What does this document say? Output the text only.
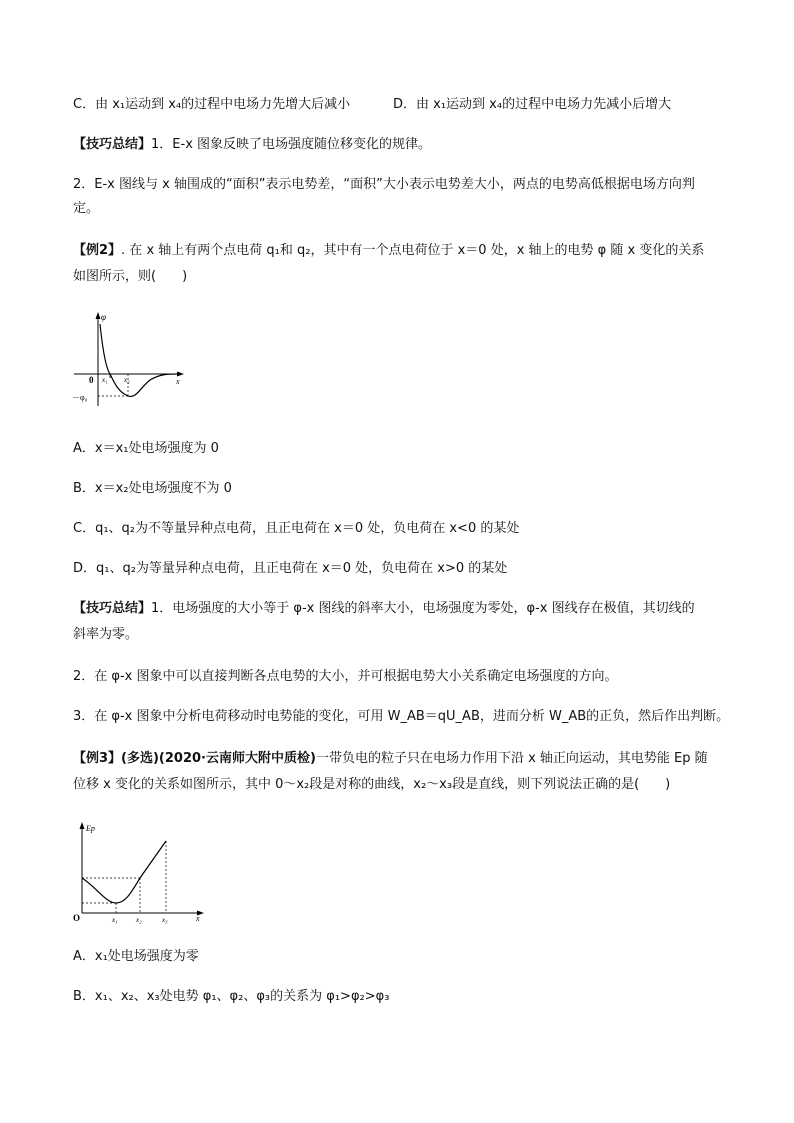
C．由 x₁运动到 x₄的过程中电场力先增大后减小	D．由 x₁运动到 x₄的过程中电场力先减小后增大
【技巧总结】1．E-x 图象反映了电场强度随位移变化的规律。
2．E-x 图线与 x 轴围成的“面积”表示电势差，“面积”大小表示电势差大小，两点的电势高低根据电场方向判
定。
【例2】. 在 x 轴上有两个点电荷 q₁和 q₂，其中有一个点电荷位于 x＝0 处，x 轴上的电势 φ 随 x 变化的关系
如图所示，则(　　)
φ
x
0 x₁ x₂
－φ₀
A．x＝x₁处电场强度为 0
B．x＝x₂处电场强度不为 0
C．q₁、q₂为不等量异种点电荷，且正电荷在 x＝0 处，负电荷在 x<0 的某处
D．q₁、q₂为等量异种点电荷，且正电荷在 x＝0 处，负电荷在 x>0 的某处
【技巧总结】1．电场强度的大小等于 φ-x 图线的斜率大小，电场强度为零处，φ-x 图线存在极值，其切线的
斜率为零。
2．在 φ-x 图象中可以直接判断各点电势的大小，并可根据电势大小关系确定电场强度的方向。
3．在 φ-x 图象中分析电荷移动时电势能的变化，可用 W_AB＝qU_AB，进而分析 W_AB的正负，然后作出判断。
【例3】(多选)(2020·云南师大附中质检)一带负电的粒子只在电场力作用下沿 x 轴正向运动，其电势能 Ep 随
位移 x 变化的关系如图所示，其中 0～x₂段是对称的曲线，x₂～x₃段是直线，则下列说法正确的是(　　)
Ep
x
O	x₁	x₂	x₃
A．x₁处电场强度为零
B．x₁、x₂、x₃处电势 φ₁、φ₂、φ₃的关系为 φ₁>φ₂>φ₃
